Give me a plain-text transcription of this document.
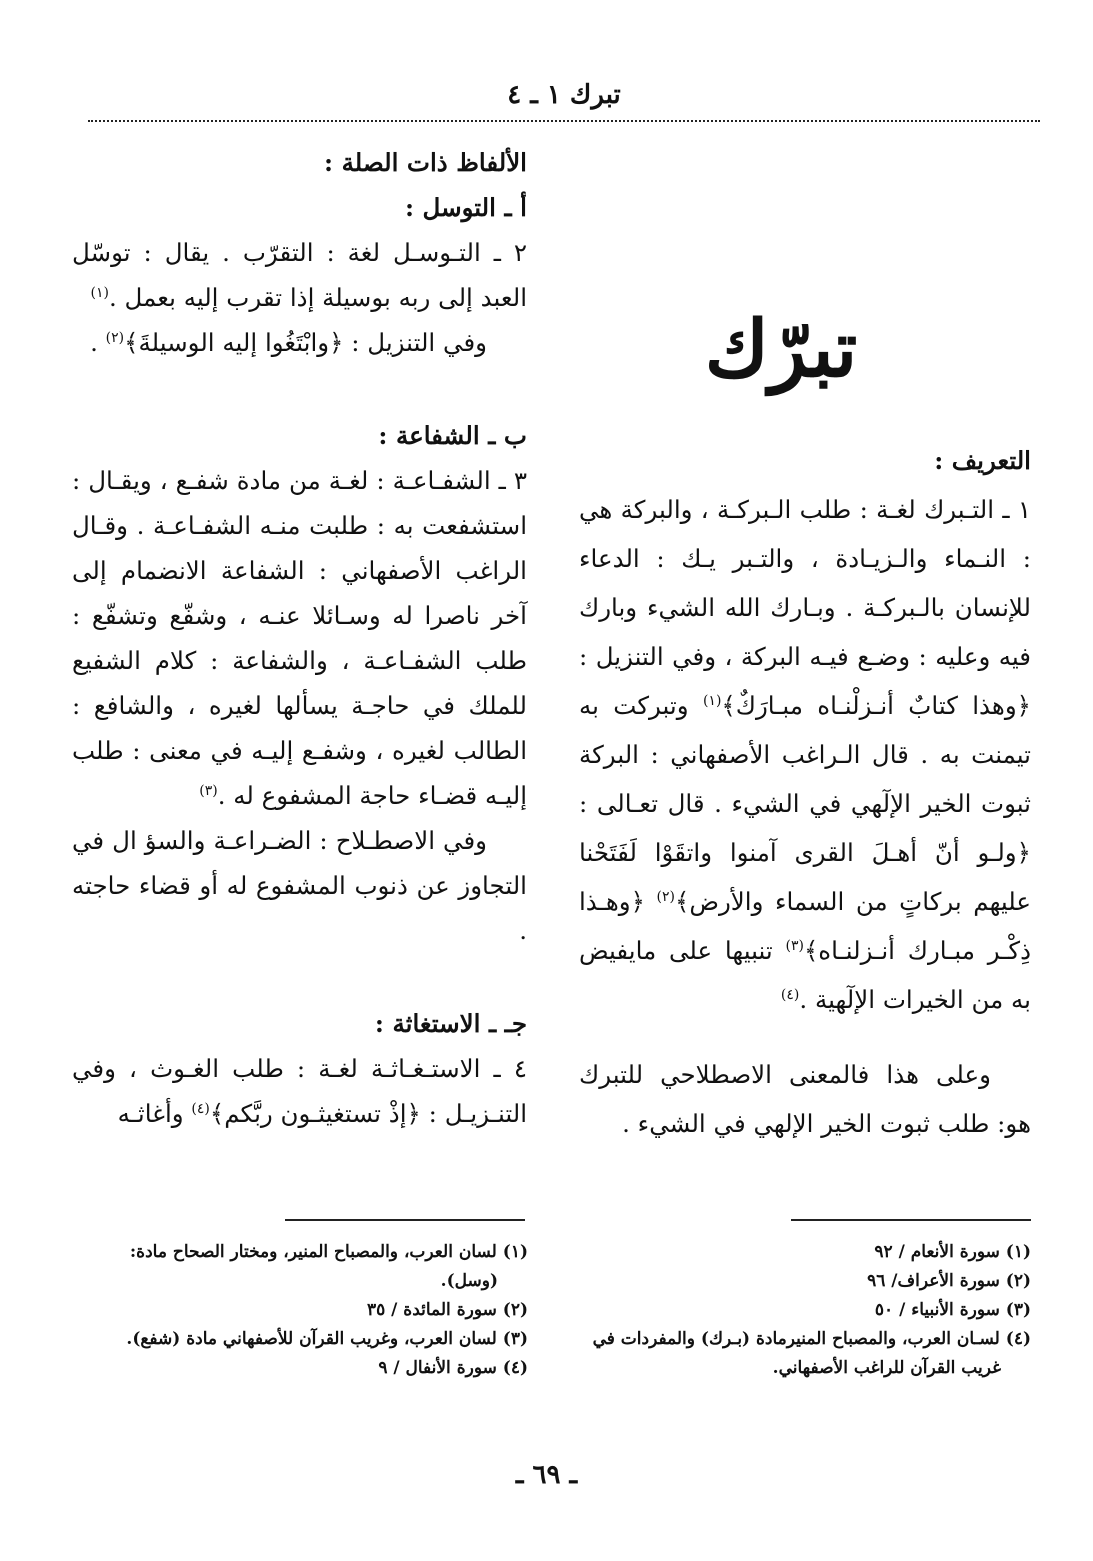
تبرك ١ ـ ٤

الألفاظ ذات الصلة :

أ ـ التوسل :

٢ ـ التـوسـل لغة : التقرّب . يقال : توسّل العبد إلى ربه بوسيلة إذا تقرب إليه بعمل .$^{(١)}$

وفي التنزيل : ﴿وابْتَغُوا إليه الوسيلةَ﴾$^{(٢)}$ .

ب ـ الشفاعة :

٣ ـ الشفـاعـة : لغـة من مادة شفـع ، ويقـال : استشفعت به : طلبت منـه الشفـاعـة . وقـال الراغب الأصفهاني : الشفاعة الانضمام إلى آخر ناصرا له وسـائلا عنـه ، وشفّع وتشفّع : طلب الشفـاعـة ، والشفاعة : كلام الشفيع للملك في حاجـة يسألها لغيره ، والشافع : الطالب لغيره ، وشفـع إليـه في معنى : طلب إليـه قضـاء حاجة المشفوع له .$^{(٣)}$

وفي الاصطـلاح : الضـراعـة والسؤ ال في التجاوز عن ذنوب المشفوع له أو قضاء حاجته .

جـ ـ الاستغاثة :

٤ ـ الاستـغـاثـة لغـة : طلب الغـوث ، وفي التنـزيـل : ﴿إذْ تستغيثـون ربَّكم﴾$^{(٤)}$ وأغاثـه

تبرّك

التعريف :

١ ـ التـبرك لغـة : طلب الـبركـة ، والبركة هي : النـماء والـزيـادة ، والتـبر يـك : الدعاء للإنسان بالـبركـة . وبـارك الله الشيء وبارك فيه وعليه : وضـع فيـه البركة ، وفي التنزيل : ﴿وهذا كتابٌ أنـزلْنـاه مبـارَكٌ﴾$^{(١)}$ وتبركت به تيمنت به . قال الـراغب الأصفهاني : البركة ثبوت الخير الإلٓهي في الشيء . قال تعـالى : ﴿ولـو أنّ أهـلَ القرى آمنوا واتقَوْا لَفَتَحْنا عليهم بركاتٍ من السماء والأرض﴾$^{(٢)}$ ﴿وهـذا ذِكْـر مبـارك أنـزلنـاه﴾$^{(٣)}$ تنبيها على مايفيض به من الخيرات الإلٓهية .$^{(٤)}$

وعلى هذا فالمعنى الاصطلاحي للتبرك هو: طلب ثبوت الخير الإلهي في الشيء .

(١) لسان العرب، والمصباح المنير، ومختار الصحاح مادة:

(وسل).

(٢) سورة المائدة / ٣٥

(٣) لسان العرب، وغريب القرآن للأصفهاني مادة (شفع).

(٤) سورة الأنفال / ٩

(١) سورة الأنعام / ٩٢

(٢) سورة الأعراف/ ٩٦

(٣) سورة الأنبياء / ٥٠

(٤) لسـان العرب، والمصباح المنيرمادة (بـرك) والمفردات في

غريب القرآن للراغب الأصفهاني.

ـ ٦٩ ـ
